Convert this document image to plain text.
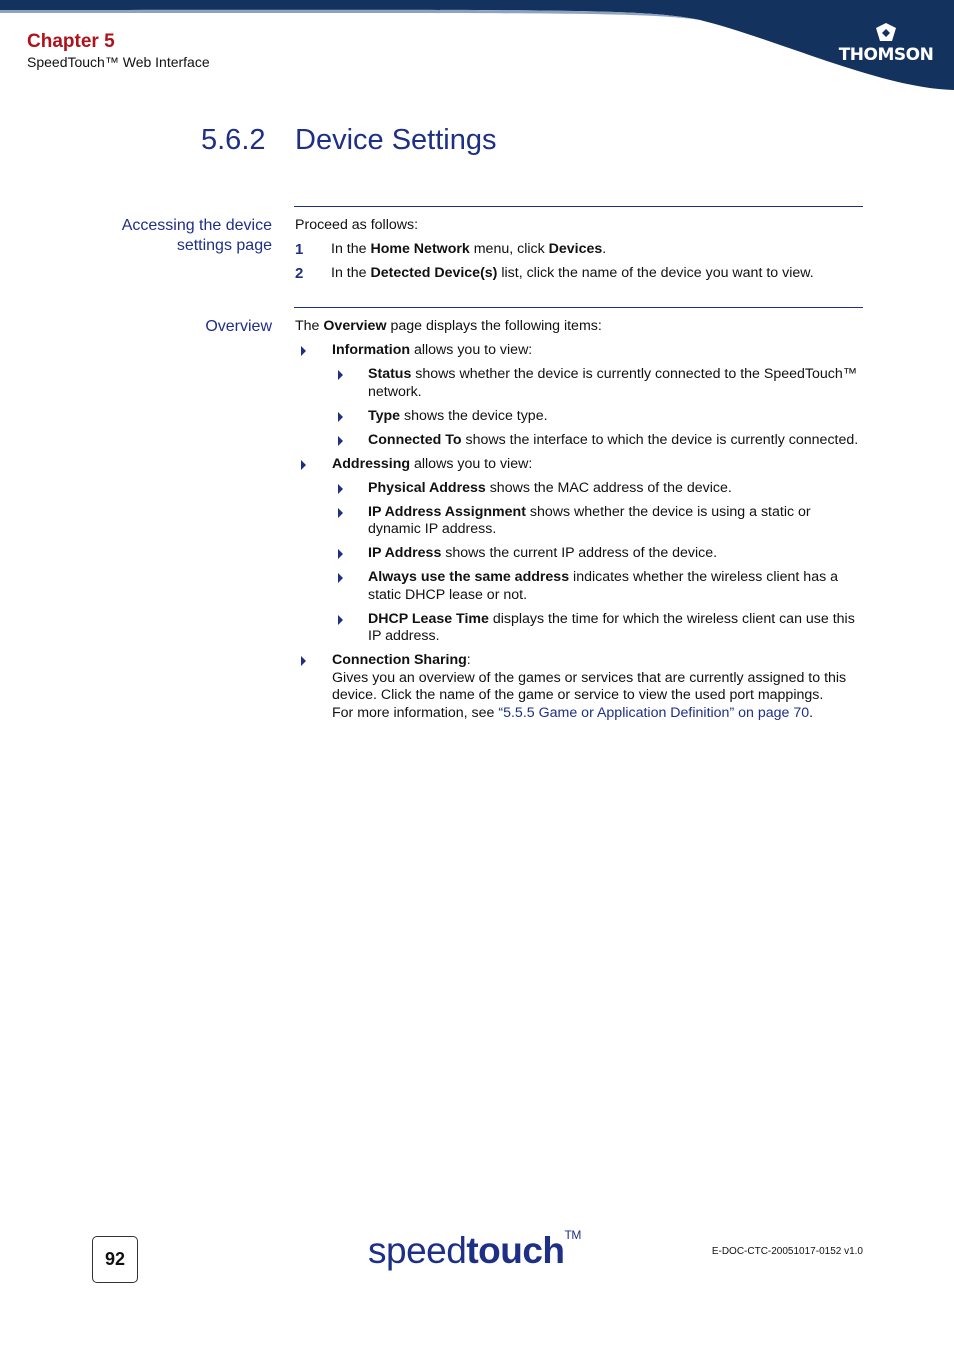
Chapter 5
SpeedTouch™ Web Interface	THOMSON
5.6.2 Device Settings
Accessing the device settings page
Proceed as follows:
1 In the Home Network menu, click Devices.
2 In the Detected Device(s) list, click the name of the device you want to view.
Overview The Overview page displays the following items:
Information allows you to view:
Status shows whether the device is currently connected to the SpeedTouch™ network.
Type shows the device type.
Connected To shows the interface to which the device is currently connected.
Addressing allows you to view:
Physical Address shows the MAC address of the device.
IP Address Assignment shows whether the device is using a static or dynamic IP address.
IP Address shows the current IP address of the device.
Always use the same address indicates whether the wireless client has a static DHCP lease or not.
DHCP Lease Time displays the time for which the wireless client can use this IP address.
Connection Sharing:
Gives you an overview of the games or services that are currently assigned to this device. Click the name of the game or service to view the used port mappings.
For more information, see “5.5.5 Game or Application Definition” on page 70.
92	speedtouch™
E-DOC-CTC-20051017-0152 v1.0
